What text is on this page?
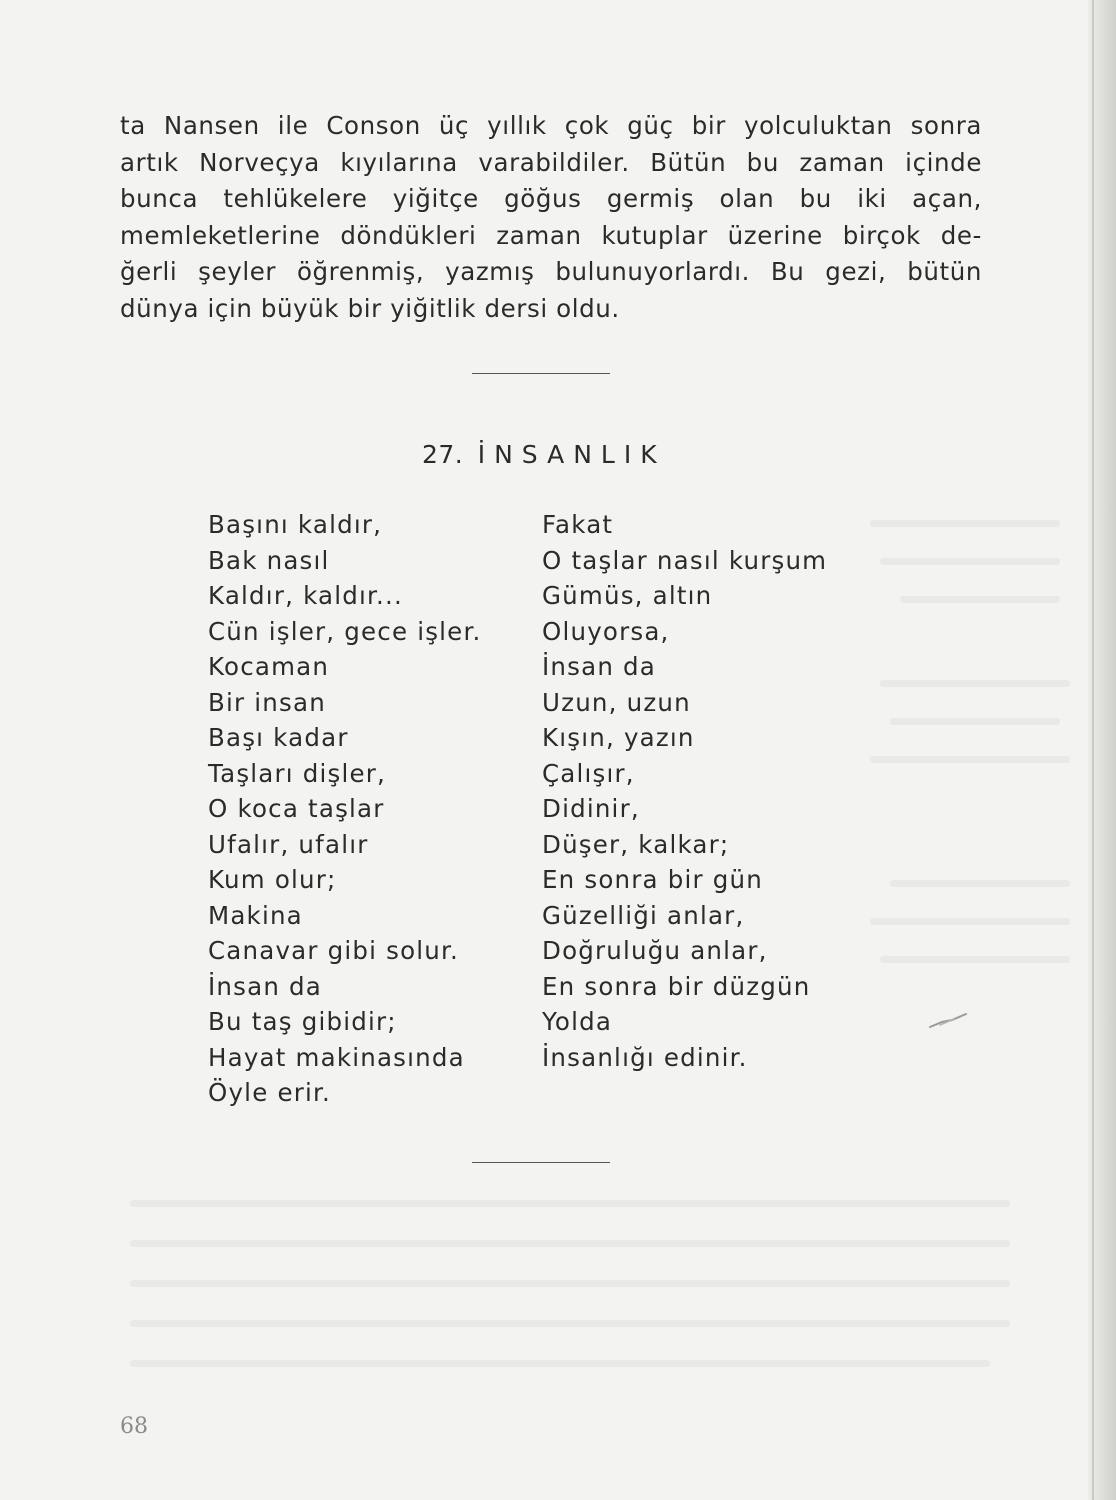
ta Nansen ile Conson üç yıllık çok güç bir yolculuktan sonra
artık Norveçya kıyılarına varabildiler. Bütün bu zaman içinde
bunca tehlükelere yiğitçe göğus germiş olan bu iki açan,
memleketlerine döndükleri zaman kutuplar üzerine birçok de-
ğerli şeyler öğrenmiş, yazmış bulunuyorlardı. Bu gezi, bütün
dünya için büyük bir yiğitlik dersi oldu.
27. İNSANLIK
Başını kaldır,
Bak nasıl
Kaldır, kaldır...
Cün işler, gece işler.
Kocaman
Bir insan
Başı kadar
Taşları dişler,
O koca taşlar
Ufalır, ufalır
Kum olur;
Makina
Canavar gibi solur.
İnsan da
Bu taş gibidir;
Hayat makinasında
Öyle erir.
Fakat
O taşlar nasıl kurşum
Gümüs, altın
Oluyorsa,
İnsan da
Uzun, uzun
Kışın, yazın
Çalışır,
Didinir,
Düşer, kalkar;
En sonra bir gün
Güzelliği anlar,
Doğruluğu anlar,
En sonra bir düzgün
Yolda
İnsanlığı edinir.
68
